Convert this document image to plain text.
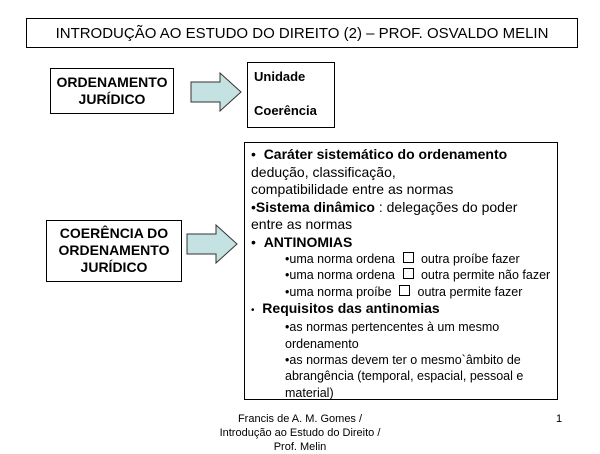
INTRODUÇÃO AO ESTUDO DO DIREITO (2) – PROF. OSVALDO MELIN
ORDENAMENTO
JURÍDICO
Unidade
Coerência
COERÊNCIA DO
ORDENAMENTO
JURÍDICO
• Caráter sistemático do ordenamento
dedução, classificação,
compatibilidade entre as normas
•Sistema dinâmico : delegações do poder
entre as normas
• ANTINOMIAS
•uma norma ordena outra proíbe fazer
•uma norma ordena outra permite não fazer
•uma norma proíbe outra permite fazer
• Requisitos das antinomias
•as normas pertencentes à um mesmo
ordenamento
•as normas devem ter o mesmo`âmbito de
abrangência (temporal, espacial, pessoal e
material)
Francis de A. M. Gomes /
Introdução ao Estudo do Direito /
Prof. Melin
1
